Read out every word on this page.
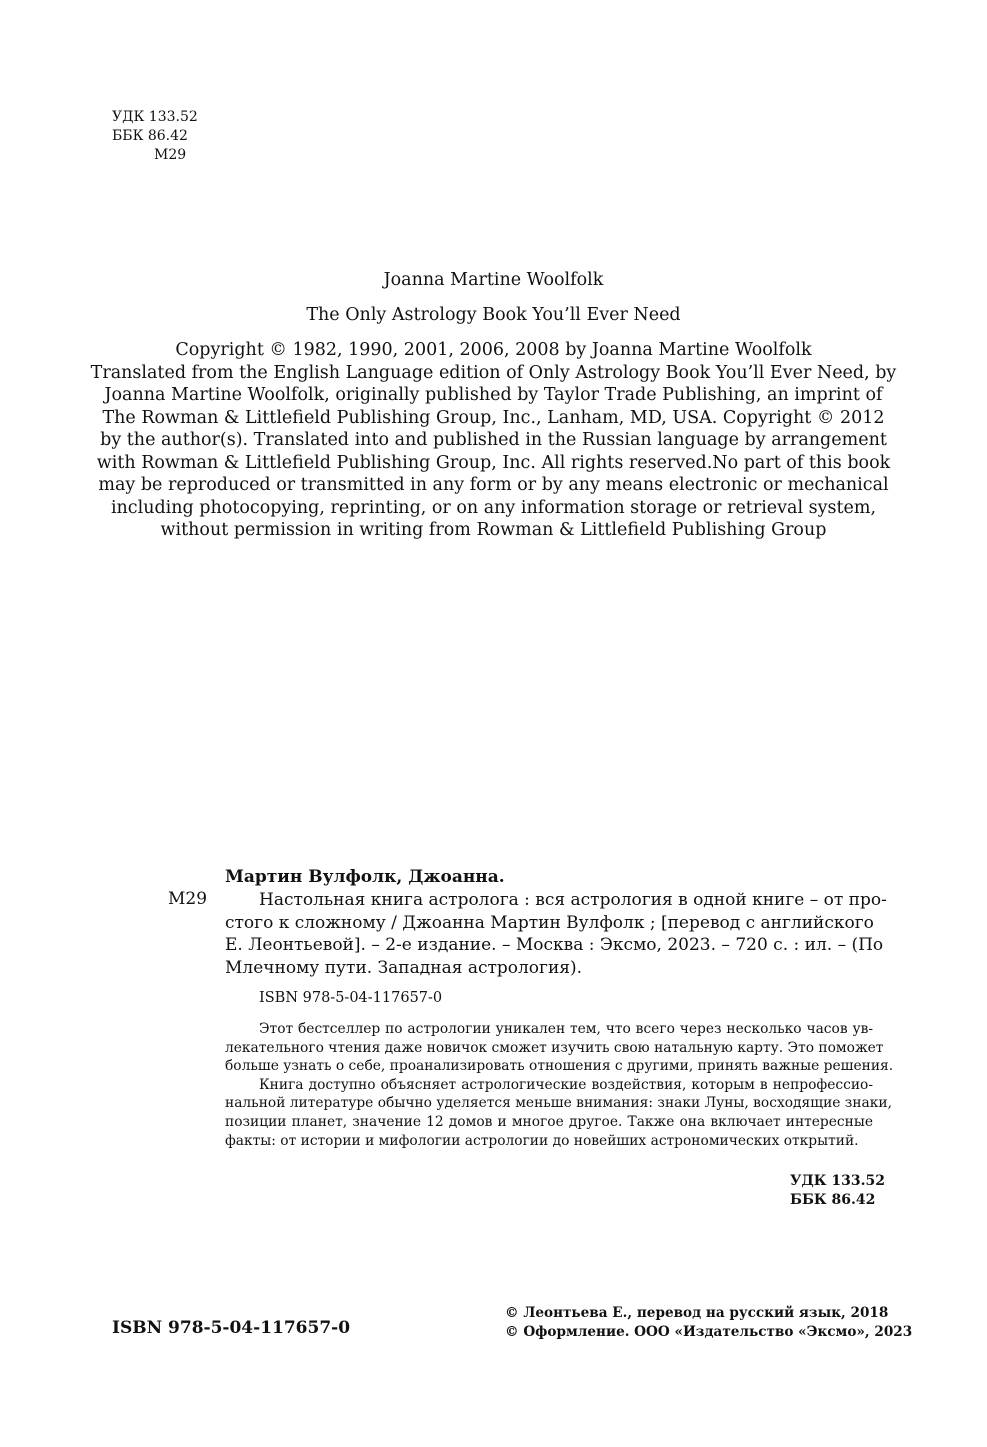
УДК 133.52
ББК 86.42
М29
Joanna Martine Woolfolk
The Only Astrology Book You’ll Ever Need
Copyright © 1982, 1990, 2001, 2006, 2008 by Joanna Martine Woolfolk
Translated from the English Language edition of Only Astrology Book You’ll Ever Need, by
Joanna Martine Woolfolk, originally published by Taylor Trade Publishing, an imprint of
The Rowman & Littlefield Publishing Group, Inc., Lanham, MD, USA. Copyright © 2012
by the author(s). Translated into and published in the Russian language by arrangement
with Rowman & Littlefield Publishing Group, Inc. All rights reserved.No part of this book
may be reproduced or transmitted in any form or by any means electronic or mechanical
including photocopying, reprinting, or on any information storage or retrieval system,
without permission in writing from Rowman & Littlefield Publishing Group
Мартин Вулфолк, Джоанна.
М29	Настольная книга астролога : вся астрология в одной книге – от про-
стого к сложному / Джоанна Мартин Вулфолк ; [перевод с английского
Е. Леонтьевой]. – 2-е издание. – Москва : Эксмо, 2023. – 720 с. : ил. – (По
Млечному пути. Западная астрология).
ISBN 978-5-04-117657-0
Этот бестселлер по астрологии уникален тем, что всего через несколько часов ув-
лекательного чтения даже новичок сможет изучить свою натальную карту. Это поможет
больше узнать о себе, проанализировать отношения с другими, принять важные решения.
Книга доступно объясняет астрологические воздействия, которым в непрофессио-
нальной литературе обычно уделяется меньше внимания: знаки Луны, восходящие знаки,
позиции планет, значение 12 домов и многое другое. Также она включает интересные
факты: от истории и мифологии астрологии до новейших астрономических открытий.
УДК 133.52
ББК 86.42
ISBN 978-5-04-117657-0
© Леонтьева Е., перевод на русский язык, 2018
© Оформление. ООО «Издательство «Эксмо», 2023
